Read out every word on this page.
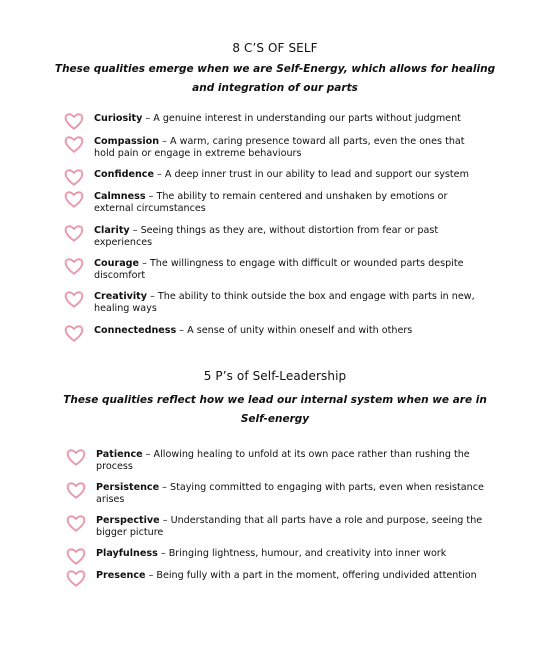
8 C’S OF SELF
These qualities emerge when we are Self-Energy, which allows for healing
and integration of our parts
Curiosity – A genuine interest in understanding our parts without judgment
Compassion – A warm, caring presence toward all parts, even the ones that hold pain or engage in extreme behaviours
Confidence – A deep inner trust in our ability to lead and support our system
Calmness – The ability to remain centered and unshaken by emotions or external circumstances
Clarity – Seeing things as they are, without distortion from fear or past experiences
Courage – The willingness to engage with difficult or wounded parts despite discomfort
Creativity – The ability to think outside the box and engage with parts in new, healing ways
Connectedness – A sense of unity within oneself and with others
5 P’s of Self-Leadership
These qualities reflect how we lead our internal system when we are in
Self-energy
Patience – Allowing healing to unfold at its own pace rather than rushing the process
Persistence – Staying committed to engaging with parts, even when resistance arises
Perspective – Understanding that all parts have a role and purpose, seeing the bigger picture
Playfulness – Bringing lightness, humour, and creativity into inner work
Presence – Being fully with a part in the moment, offering undivided attention
